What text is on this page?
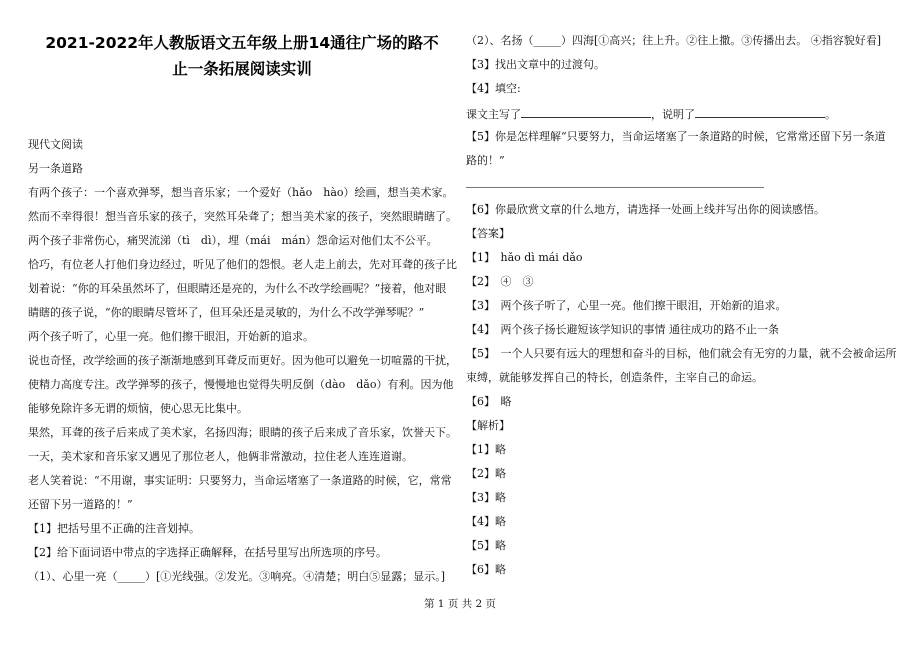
2021-2022年人教版语文五年级上册14通往广场的路不
止一条拓展阅读实训
现代文阅读
另一条道路
有两个孩子：一个喜欢弹琴，想当音乐家；一个爱好（hǎo　hào）绘画，想当美术家。
然而不幸得很！想当音乐家的孩子，突然耳朵聋了；想当美术家的孩子，突然眼睛瞎了。
两个孩子非常伤心，痛哭流涕（tì　dì），埋（mái　mán）怨命运对他们太不公平。
恰巧，有位老人打他们身边经过，听见了他们的怨恨。老人走上前去，先对耳聋的孩子比
划着说：“你的耳朵虽然坏了，但眼睛还是亮的，为什么不改学绘画呢？”接着，他对眼
睛瞎的孩子说，“你的眼睛尽管坏了，但耳朵还是灵敏的，为什么不改学弹琴呢？”
两个孩子听了，心里一亮。他们擦干眼泪，开始新的追求。
说也奇怪，改学绘画的孩子渐渐地感到耳聋反而更好。因为他可以避免一切喧嚣的干扰，
使精力高度专注。改学弹琴的孩子，慢慢地也觉得失明反倒（dào　dǎo）有利。因为他
能够免除许多无谓的烦恼，使心思无比集中。
果然，耳聋的孩子后来成了美术家，名扬四海；眼睛的孩子后来成了音乐家，饮誉天下。
一天，美术家和音乐家又遇见了那位老人，他俩非常激动，拉住老人连连道谢。
老人笑着说：“不用谢，事实证明：只要努力，当命运堵塞了一条道路的时候，它，常常
还留下另一道路的！”
【1】把括号里不正确的注音划掉。
【2】给下面词语中带点的字选择正确解释，在括号里写出所选项的序号。
（1）、心里一亮（_____）[①光线强。②发光。③响亮。④清楚；明白⑤显露；显示。]
（2）、名扬（_____）四海[①高兴；往上升。②往上撒。③传播出去。 ④指容貌好看]
【3】找出文章中的过渡句。
【4】填空:
课文主写了	，说明了	。
【5】你是怎样理解“只要努力，当命运堵塞了一条道路的时候，它常常还留下另一条道
路的！”
【6】你最欣赏文章的什么地方，请选择一处画上线并写出你的阅读感悟。
【答案】
【1】　hǎo dì mái dǎo
【2】　④　③
【3】　两个孩子听了，心里一亮。他们擦干眼泪，开始新的追求。
【4】　两个孩子扬长避短该学知识的事情 通往成功的路不止一条
【5】　一个人只要有远大的理想和奋斗的目标，他们就会有无穷的力量，就不会被命运所
束缚，就能够发挥自己的特长，创造条件，主宰自己的命运。
【6】　略
【解析】
【1】略
【2】略
【3】略
【4】略
【5】略
【6】略
第 1 页 共 2 页
